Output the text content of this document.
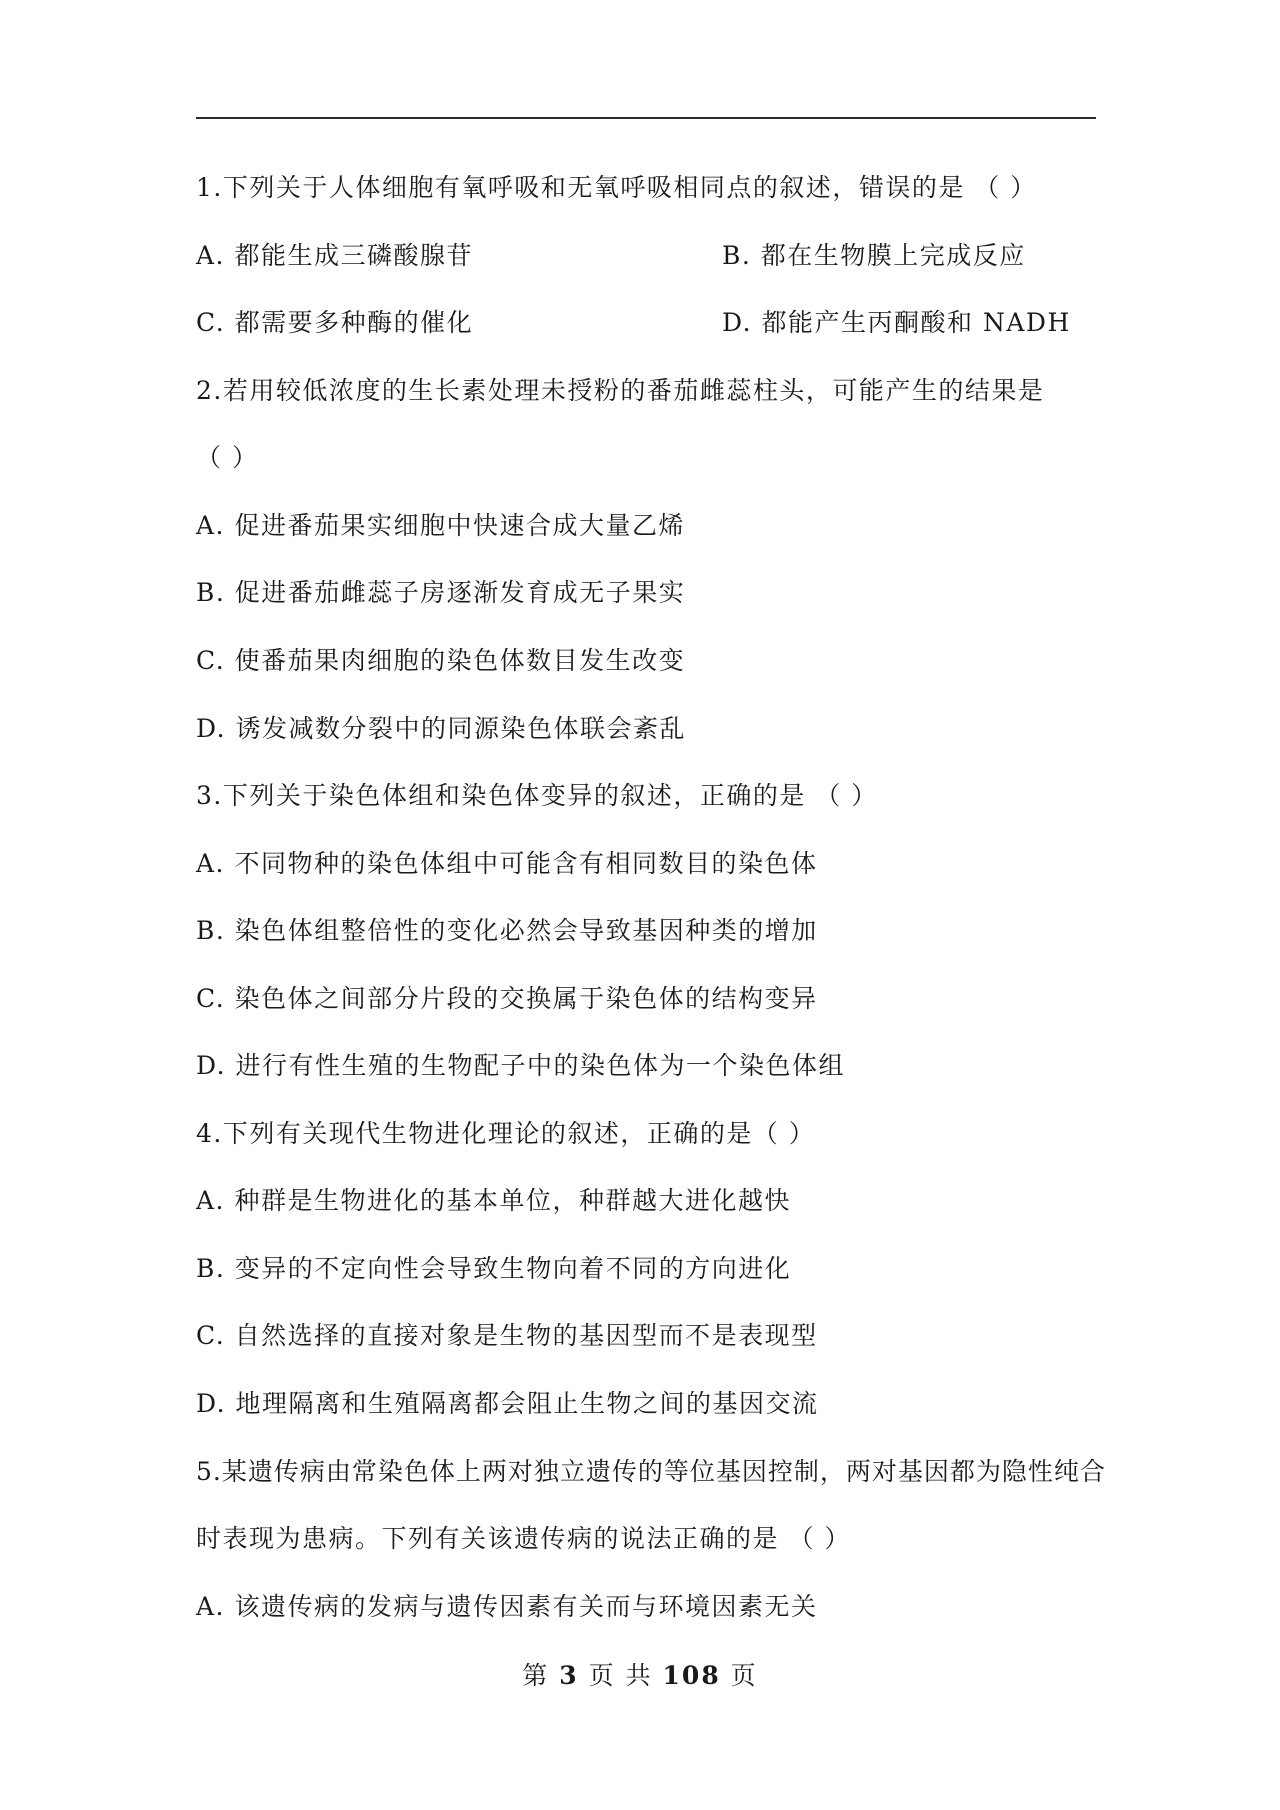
1.下列关于人体细胞有氧呼吸和无氧呼吸相同点的叙述，错误的是 （ ）
A. 都能生成三磷酸腺苷	B. 都在生物膜上完成反应
C. 都需要多种酶的催化	D. 都能产生丙酮酸和 NADH
2.若用较低浓度的生长素处理未授粉的番茄雌蕊柱头，可能产生的结果是
（ ）
A. 促进番茄果实细胞中快速合成大量乙烯
B. 促进番茄雌蕊子房逐渐发育成无子果实
C. 使番茄果肉细胞的染色体数目发生改变
D. 诱发减数分裂中的同源染色体联会紊乱
3.下列关于染色体组和染色体变异的叙述，正确的是 （ ）
A. 不同物种的染色体组中可能含有相同数目的染色体
B. 染色体组整倍性的变化必然会导致基因种类的增加
C. 染色体之间部分片段的交换属于染色体的结构变异
D. 进行有性生殖的生物配子中的染色体为一个染色体组
4.下列有关现代生物进化理论的叙述，正确的是（ ）
A. 种群是生物进化的基本单位，种群越大进化越快
B. 变异的不定向性会导致生物向着不同的方向进化
C. 自然选择的直接对象是生物的基因型而不是表现型
D. 地理隔离和生殖隔离都会阻止生物之间的基因交流
5.某遗传病由常染色体上两对独立遗传的等位基因控制，两对基因都为隐性纯合
时表现为患病。下列有关该遗传病的说法正确的是 （ ）
A. 该遗传病的发病与遗传因素有关而与环境因素无关
第 3 页 共 108 页
